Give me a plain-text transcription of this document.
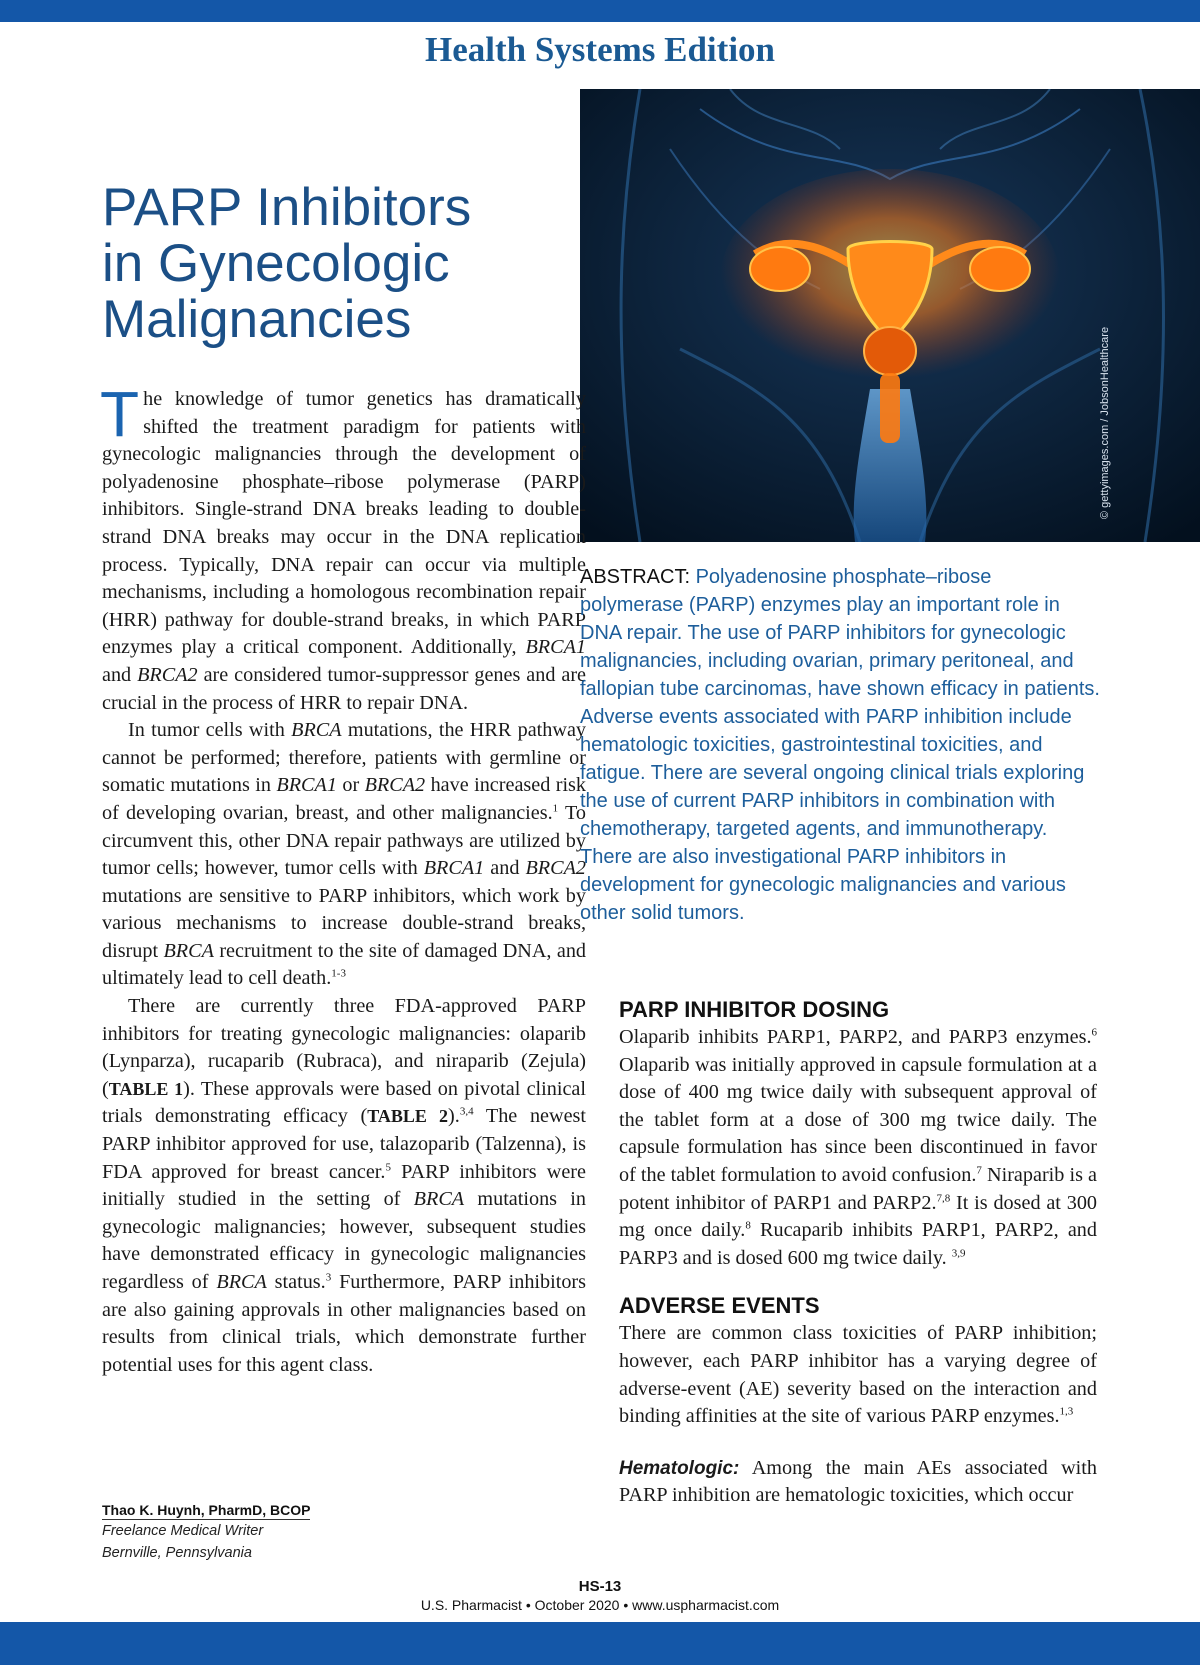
Health Systems Edition
© gettyimages.com / JobsonHealthcare
PARP Inhibitors
in Gynecologic
Malignancies

The knowledge of tumor genetics has dramatically shifted the treatment paradigm for patients with gynecologic malignancies through the development of polyadenosine phosphate–ribose polymerase (PARP) inhibitors. Single-strand DNA breaks leading to double-strand DNA breaks may occur in the DNA replication process. Typically, DNA repair can occur via multiple mechanisms, including a homologous recombination repair (HRR) pathway for double-strand breaks, in which PARP enzymes play a critical component. Additionally, BRCA1 and BRCA2 are considered tumor-suppressor genes and are crucial in the process of HRR to repair DNA.

In tumor cells with BRCA mutations, the HRR pathway cannot be performed; therefore, patients with germline or somatic mutations in BRCA1 or BRCA2 have increased risk of developing ovarian, breast, and other malignancies.$^1$ To circumvent this, other DNA repair pathways are utilized by tumor cells; however, tumor cells with BRCA1 and BRCA2 mutations are sensitive to PARP inhibitors, which work by various mechanisms to increase double-strand breaks, disrupt BRCA recruitment to the site of damaged DNA, and ultimately lead to cell death.$^{1-3}$

There are currently three FDA-approved PARP inhibitors for treating gynecologic malignancies: olaparib (Lynparza), rucaparib (Rubraca), and niraparib (Zejula) (TABLE 1). These approvals were based on pivotal clinical trials demonstrating efficacy (TABLE 2).$^{3,4}$ The newest PARP inhibitor approved for use, talazoparib (Talzenna), is FDA approved for breast cancer.$^5$ PARP inhibitors were initially studied in the setting of BRCA mutations in gynecologic malignancies; however, subsequent studies have demonstrated efficacy in gynecologic malignancies regardless of BRCA status.$^3$ Furthermore, PARP inhibitors are also gaining approvals in other malignancies based on results from clinical trials, which demonstrate further potential uses for this agent class.

Thao K. Huynh, PharmD, BCOP
Freelance Medical Writer
Bernville, Pennsylvania
ABSTRACT: Polyadenosine phosphate–ribose polymerase (PARP) enzymes play an important role in DNA repair. The use of PARP inhibitors for gynecologic malignancies, including ovarian, primary peritoneal, and fallopian tube carcinomas, have shown efficacy in patients. Adverse events associated with PARP inhibition include hematologic toxicities, gastrointestinal toxicities, and fatigue. There are several ongoing clinical trials exploring the use of current PARP inhibitors in combination with chemotherapy, targeted agents, and immunotherapy. There are also investigational PARP inhibitors in development for gynecologic malignancies and various other solid tumors.
PARP INHIBITOR DOSING

Olaparib inhibits PARP1, PARP2, and PARP3 enzymes.$^6$ Olaparib was initially approved in capsule formulation at a dose of 400 mg twice daily with subsequent approval of the tablet form at a dose of 300 mg twice daily. The capsule formulation has since been discontinued in favor of the tablet formulation to avoid confusion.$^7$ Niraparib is a potent inhibitor of PARP1 and PARP2.$^{7,8}$ It is dosed at 300 mg once daily.$^8$ Rucaparib inhibits PARP1, PARP2, and PARP3 and is dosed 600 mg twice daily. $^{3,9}$

ADVERSE EVENTS

There are common class toxicities of PARP inhibition; however, each PARP inhibitor has a varying degree of adverse-event (AE) severity based on the interaction and binding affinities at the site of various PARP enzymes.$^{1,3}$

Hematologic: Among the main AEs associated with PARP inhibition are hematologic toxicities, which occur

HS-13
U.S. Pharmacist • October 2020 • www.uspharmacist.com
